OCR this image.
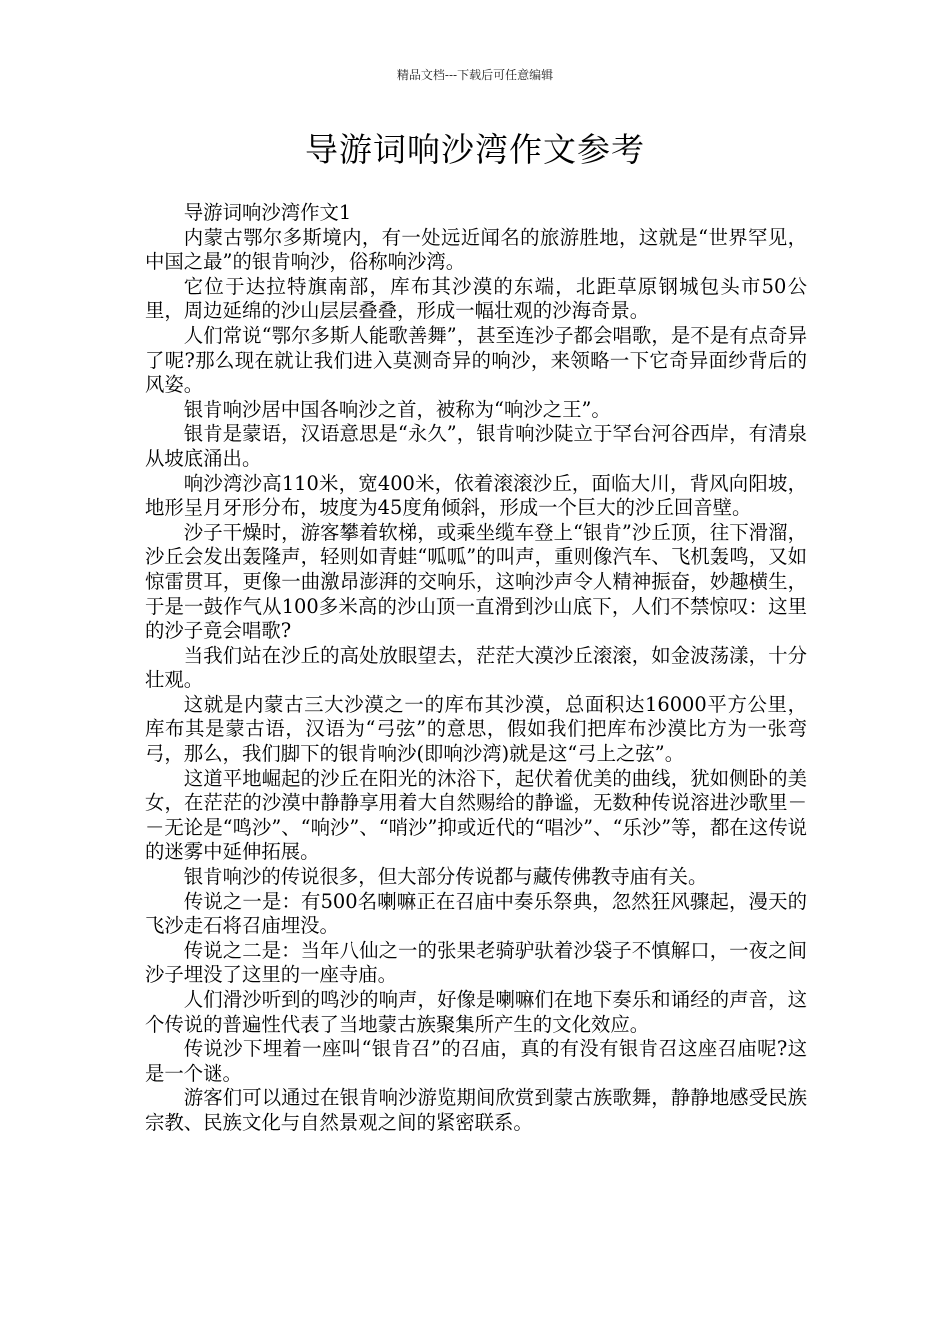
精品文档---下载后可任意编辑
导游词响沙湾作文参考

导游词响沙湾作文1

内蒙古鄂尔多斯境内，有一处远近闻名的旅游胜地，这就是“世界罕见，中国之最”的银肯响沙，俗称响沙湾。

它位于达拉特旗南部，库布其沙漠的东端，北距草原钢城包头市50公里，周边延绵的沙山层层叠叠，形成一幅壮观的沙海奇景。

人们常说“鄂尔多斯人能歌善舞”，甚至连沙子都会唱歌，是不是有点奇异了呢?那么现在就让我们进入莫测奇异的响沙，来领略一下它奇异面纱背后的风姿。

银肯响沙居中国各响沙之首，被称为“响沙之王”。

银肯是蒙语，汉语意思是“永久”，银肯响沙陡立于罕台河谷西岸，有清泉从坡底涌出。

响沙湾沙高110米，宽400米，依着滚滚沙丘，面临大川，背风向阳坡，地形呈月牙形分布，坡度为45度角倾斜，形成一个巨大的沙丘回音壁。

沙子干燥时，游客攀着软梯，或乘坐缆车登上“银肯”沙丘顶，往下滑溜，沙丘会发出轰隆声，轻则如青蛙“呱呱”的叫声，重则像汽车、飞机轰鸣，又如惊雷贯耳，更像一曲激昂澎湃的交响乐，这响沙声令人精神振奋，妙趣横生，于是一鼓作气从100多米高的沙山顶一直滑到沙山底下，人们不禁惊叹：这里的沙子竟会唱歌?

当我们站在沙丘的高处放眼望去，茫茫大漠沙丘滚滚，如金波荡漾，十分壮观。

这就是内蒙古三大沙漠之一的库布其沙漠，总面积达16000平方公里，库布其是蒙古语，汉语为“弓弦”的意思，假如我们把库布沙漠比方为一张弯弓，那么，我们脚下的银肯响沙(即响沙湾)就是这“弓上之弦”。

这道平地崛起的沙丘在阳光的沐浴下，起伏着优美的曲线，犹如侧卧的美女，在茫茫的沙漠中静静享用着大自然赐给的静谧，无数种传说溶进沙歌里－－无论是“鸣沙”、“响沙”、“哨沙”抑或近代的“唱沙”、“乐沙”等，都在这传说的迷雾中延伸拓展。

银肯响沙的传说很多，但大部分传说都与藏传佛教寺庙有关。

传说之一是：有500名喇嘛正在召庙中奏乐祭典，忽然狂风骤起，漫天的飞沙走石将召庙埋没。

传说之二是：当年八仙之一的张果老骑驴驮着沙袋子不慎解口，一夜之间沙子埋没了这里的一座寺庙。

人们滑沙听到的鸣沙的响声，好像是喇嘛们在地下奏乐和诵经的声音，这个传说的普遍性代表了当地蒙古族聚集所产生的文化效应。

传说沙下埋着一座叫“银肯召”的召庙，真的有没有银肯召这座召庙呢?这是一个谜。

游客们可以通过在银肯响沙游览期间欣赏到蒙古族歌舞，静静地感受民族宗教、民族文化与自然景观之间的紧密联系。
